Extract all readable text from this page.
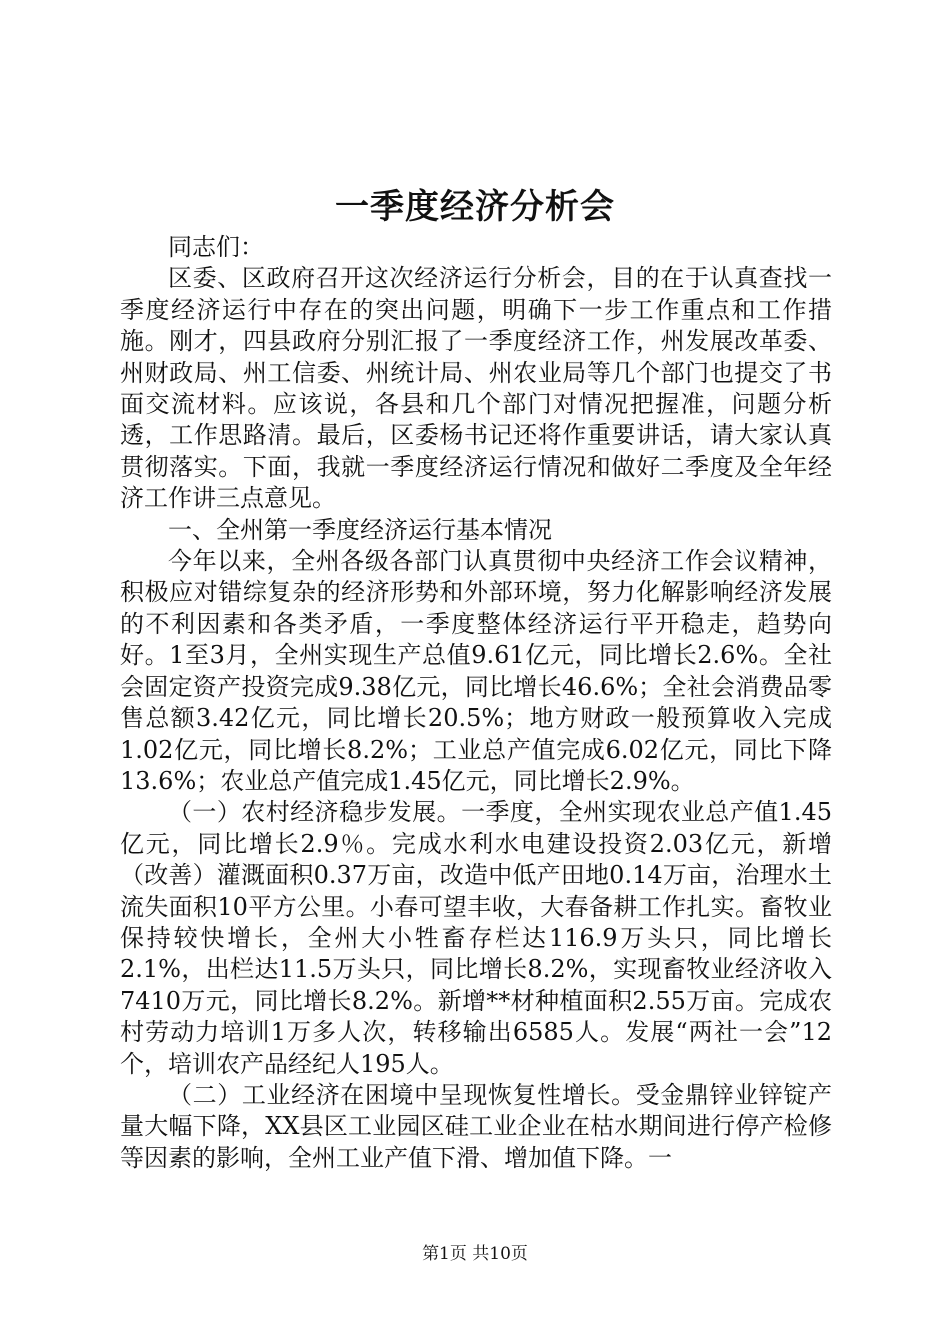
一季度经济分析会

同志们：

区委、区政府召开这次经济运行分析会，目的在于认真查找一季度经济运行中存在的突出问题，明确下一步工作重点和工作措施。刚才，四县政府分别汇报了一季度经济工作，州发展改革委、州财政局、州工信委、州统计局、州农业局等几个部门也提交了书面交流材料。应该说，各县和几个部门对情况把握准，问题分析透，工作思路清。最后，区委杨书记还将作重要讲话，请大家认真贯彻落实。下面，我就一季度经济运行情况和做好二季度及全年经济工作讲三点意见。

一、全州第一季度经济运行基本情况

今年以来，全州各级各部门认真贯彻中央经济工作会议精神，积极应对错综复杂的经济形势和外部环境，努力化解影响经济发展的不利因素和各类矛盾，一季度整体经济运行平开稳走，趋势向好。1至3月，全州实现生产总值9.61亿元，同比增长2.6%。全社会固定资产投资完成9.38亿元，同比增长46.6%；全社会消费品零售总额3.42亿元，同比增长20.5%；地方财政一般预算收入完成1.02亿元，同比增长8.2%；工业总产值完成6.02亿元，同比下降13.6%；农业总产值完成1.45亿元，同比增长2.9%。

（一）农村经济稳步发展。一季度，全州实现农业总产值1.45亿元，同比增长2.9％。完成水利水电建设投资2.03亿元，新增（改善）灌溉面积0.37万亩，改造中低产田地0.14万亩，治理水土流失面积10平方公里。小春可望丰收，大春备耕工作扎实。畜牧业保持较快增长，全州大小牲畜存栏达116.9万头只，同比增长2.1%，出栏达11.5万头只，同比增长8.2%，实现畜牧业经济收入7410万元，同比增长8.2%。新增**材种植面积2.55万亩。完成农村劳动力培训1万多人次，转移输出6585人。发展“两社一会”12个，培训农产品经纪人195人。

（二）工业经济在困境中呈现恢复性增长。受金鼎锌业锌锭产量大幅下降，XX县区工业园区硅工业企业在枯水期间进行停产检修等因素的影响，全州工业产值下滑、增加值下降。一

第1页 共10页
